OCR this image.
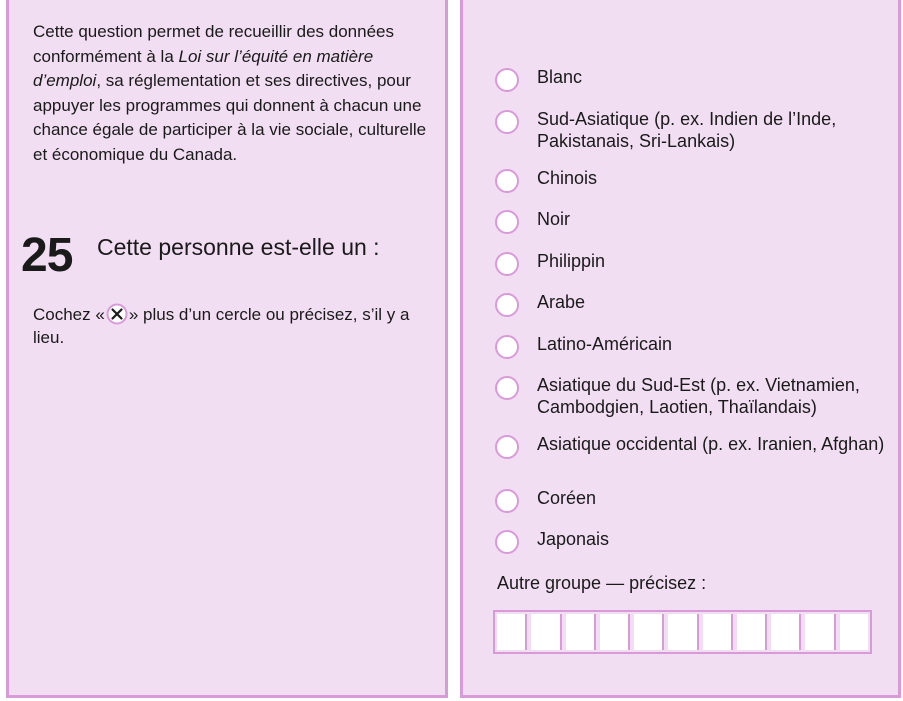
Cette question permet de recueillir des données conformément à la Loi sur l’équité en matière d’emploi, sa réglementation et ses directives, pour appuyer les programmes qui donnent à chacun une chance égale de participer à la vie sociale, culturelle et économique du Canada.

25 Cette personne est-elle un :

Cochez « » plus d’un cercle ou précisez, s’il y a lieu.

Blanc
Sud-Asiatique (p. ex. Indien de l’Inde, Pakistanais, Sri-Lankais)
Chinois
Noir
Philippin
Arabe
Latino-Américain
Asiatique du Sud-Est (p. ex. Vietnamien, Cambodgien, Laotien, Thaïlandais)
Asiatique occidental (p. ex. Iranien, Afghan)
Coréen
Japonais
Autre groupe — précisez :
